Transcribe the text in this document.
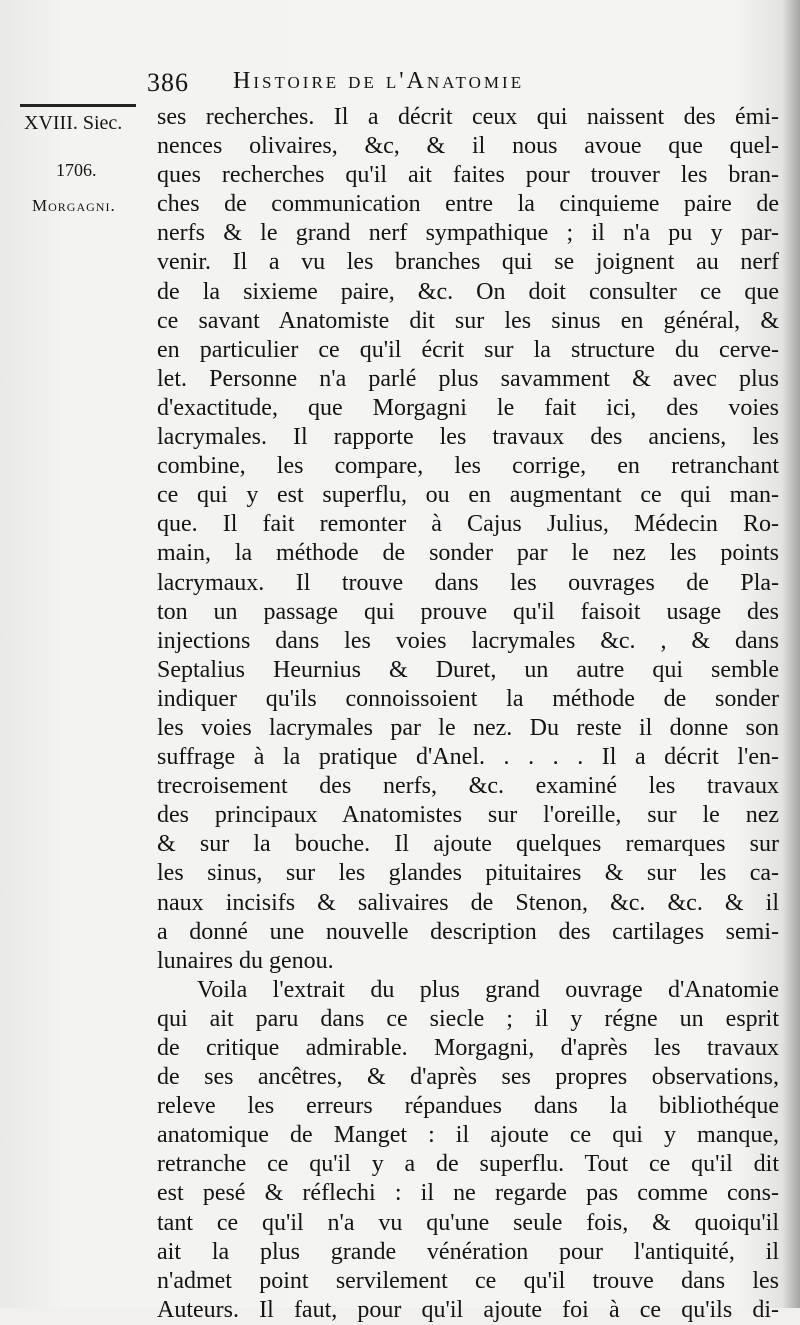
386 Histoire de l'Anatomie
XVIII. Siec.
1706.
Morgagni.
ses recherches. Il a décrit ceux qui naissent des émi-
nences olivaires, &c, & il nous avoue que quel-
ques recherches qu'il ait faites pour trouver les bran-
ches de communication entre la cinquieme paire de
nerfs & le grand nerf sympathique ; il n'a pu y par-
venir. Il a vu les branches qui se joignent au nerf
de la sixieme paire, &c. On doit consulter ce que
ce savant Anatomiste dit sur les sinus en général, &
en particulier ce qu'il écrit sur la structure du cerve-
let. Personne n'a parlé plus savamment & avec plus
d'exactitude, que Morgagni le fait ici, des voies
lacrymales. Il rapporte les travaux des anciens, les
combine, les compare, les corrige, en retranchant
ce qui y est superflu, ou en augmentant ce qui man-
que. Il fait remonter à Cajus Julius, Médecin Ro-
main, la méthode de sonder par le nez les points
lacrymaux. Il trouve dans les ouvrages de Pla-
ton un passage qui prouve qu'il faisoit usage des
injections dans les voies lacrymales &c. , & dans
Septalius Heurnius & Duret, un autre qui semble
indiquer qu'ils connoissoient la méthode de sonder
les voies lacrymales par le nez. Du reste il donne son
suffrage à la pratique d'Anel. . . . . Il a décrit l'en-
trecroisement des nerfs, &c. examiné les travaux
des principaux Anatomistes sur l'oreille, sur le nez
& sur la bouche. Il ajoute quelques remarques sur
les sinus, sur les glandes pituitaires & sur les ca-
naux incisifs & salivaires de Stenon, &c. &c. & il
a donné une nouvelle description des cartilages semi-
lunaires du genou.
Voila l'extrait du plus grand ouvrage d'Anatomie
qui ait paru dans ce siecle ; il y régne un esprit
de critique admirable. Morgagni, d'après les travaux
de ses ancêtres, & d'après ses propres observations,
releve les erreurs répandues dans la bibliothéque
anatomique de Manget : il ajoute ce qui y manque,
retranche ce qu'il y a de superflu. Tout ce qu'il dit
est pesé & réflechi : il ne regarde pas comme cons-
tant ce qu'il n'a vu qu'une seule fois, & quoiqu'il
ait la plus grande vénération pour l'antiquité, il
n'admet point servilement ce qu'il trouve dans les
Auteurs. Il faut, pour qu'il ajoute foi à ce qu'ils di-
